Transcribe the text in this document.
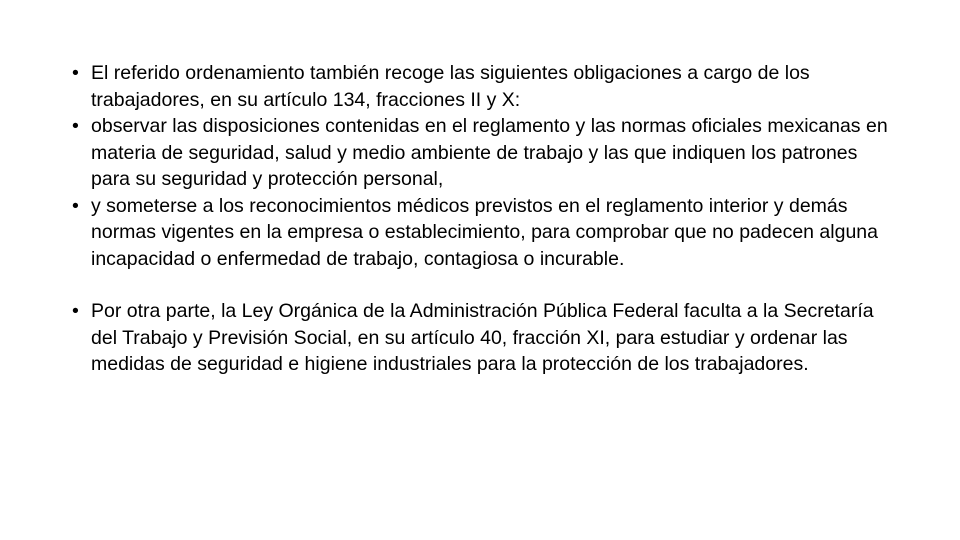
• El referido ordenamiento también recoge las siguientes obligaciones a cargo de los trabajadores, en su artículo 134, fracciones II y X:
• observar las disposiciones contenidas en el reglamento y las normas oficiales mexicanas en materia de seguridad, salud y medio ambiente de trabajo y las que indiquen los patrones para su seguridad y protección personal,
• y someterse a los reconocimientos médicos previstos en el reglamento interior y demás normas vigentes en la empresa o establecimiento, para comprobar que no padecen alguna incapacidad o enfermedad de trabajo, contagiosa o incurable.
• Por otra parte, la Ley Orgánica de la Administración Pública Federal faculta a la Secretaría del Trabajo y Previsión Social, en su artículo 40, fracción XI, para estudiar y ordenar las medidas de seguridad e higiene industriales para la protección de los trabajadores.
